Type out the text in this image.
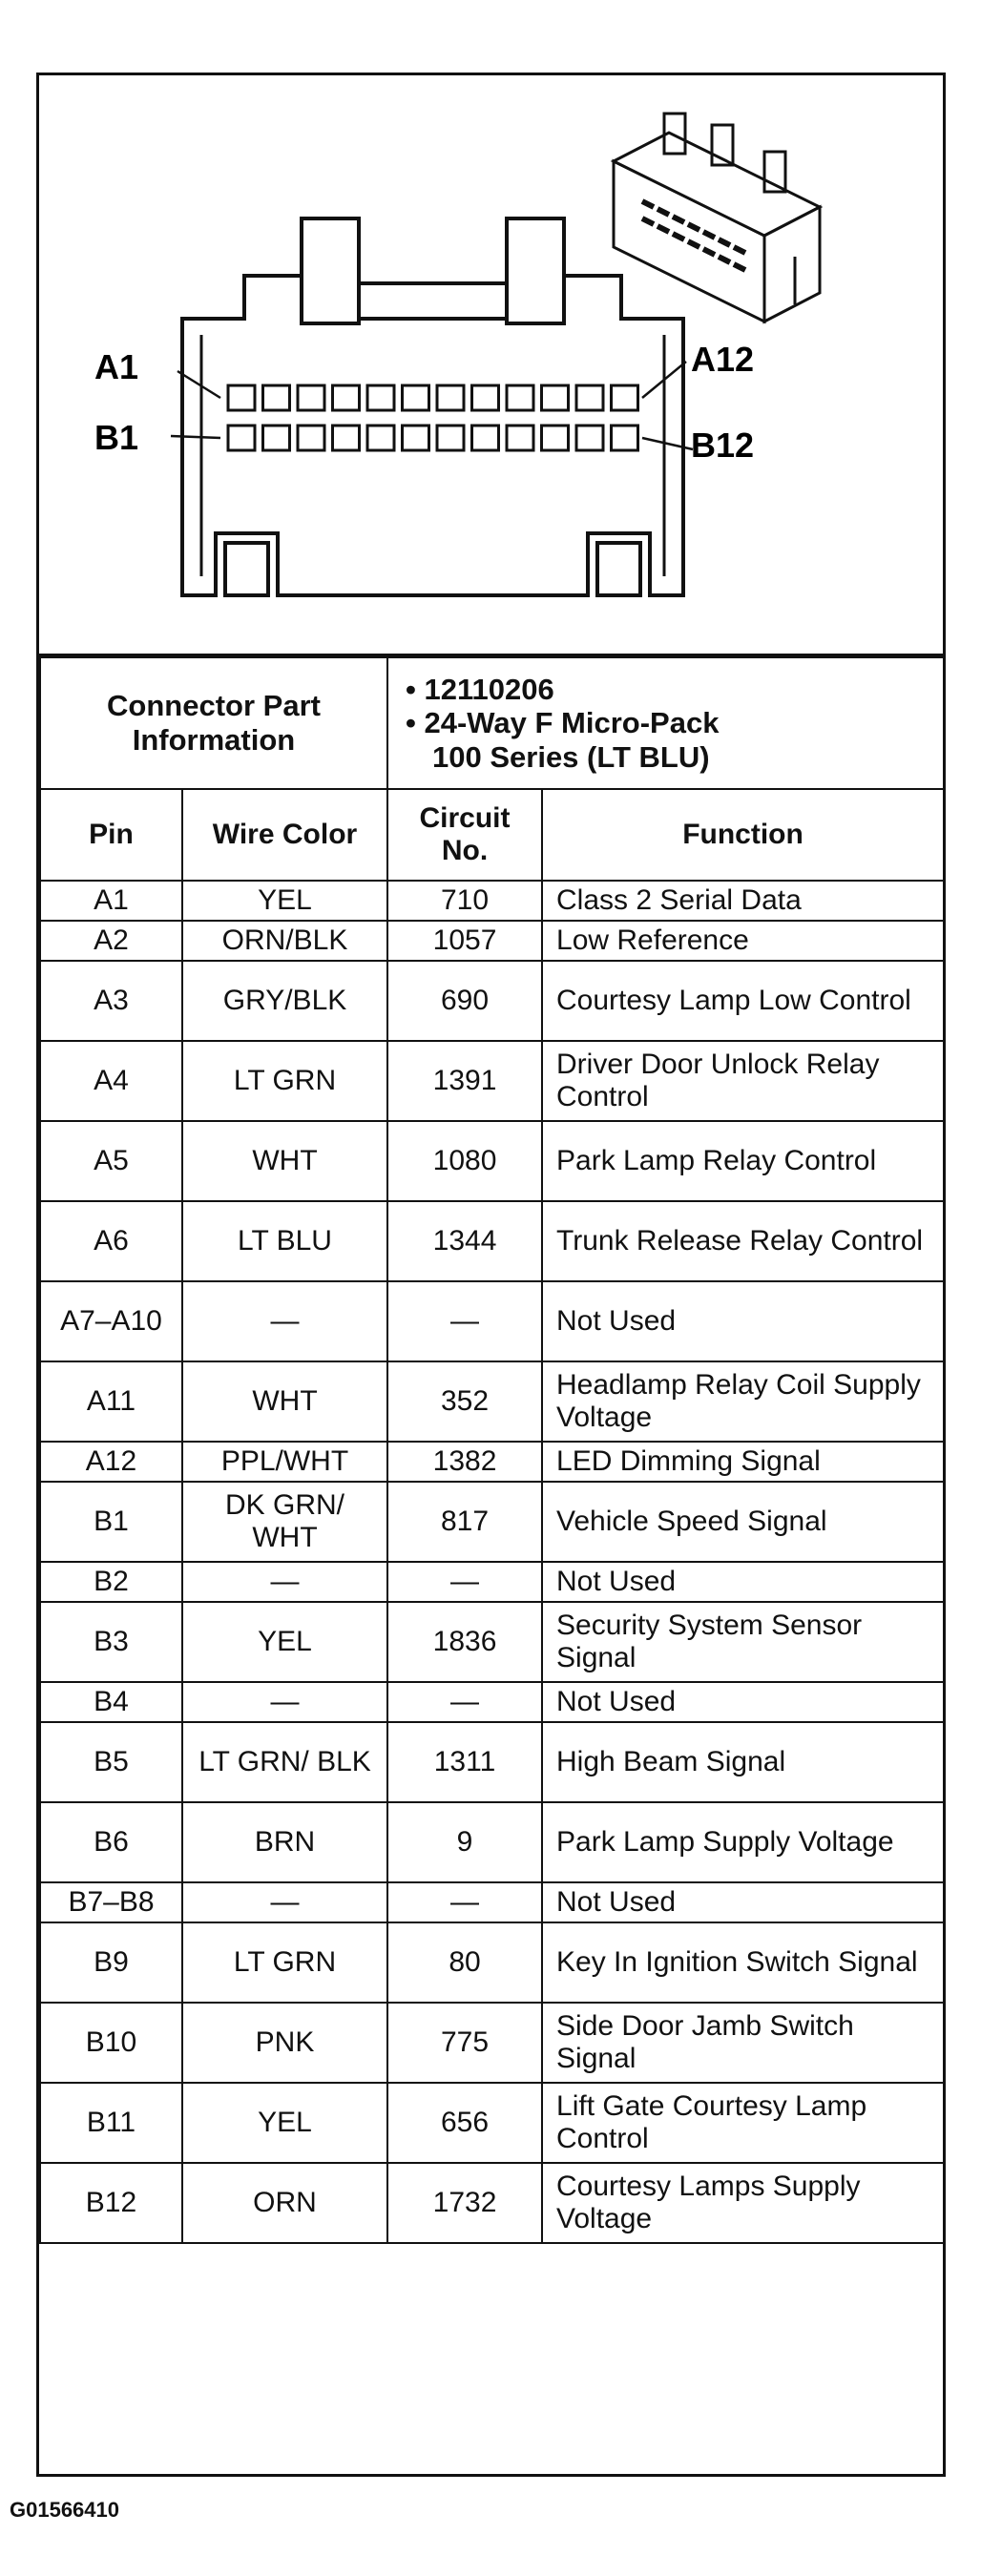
A1
B1
A12
B12
Connector Part Information		• 12110206
• 24-Way F Micro-Pack
100 Series (LT BLU)	

Pin	Wire Color	Circuit No.	Function
A1	YEL	710	Class 2 Serial Data
A2	ORN/BLK	1057	Low Reference
A3	GRY/BLK	690	Courtesy Lamp Low Control
A4	LT GRN	1391	Driver Door Unlock Relay Control
A5	WHT	1080	Park Lamp Relay Control
A6	LT BLU	1344	Trunk Release Relay Control
A7–A10	—	—	Not Used
A11	WHT	352	Headlamp Relay Coil Supply Voltage
A12	PPL/WHT	1382	LED Dimming Signal
B1	DK GRN/ WHT	817	Vehicle Speed Signal
B2	—	—	Not Used
B3	YEL	1836	Security System Sensor Signal
B4	—	—	Not Used
B5	LT GRN/ BLK	1311	High Beam Signal
B6	BRN	9	Park Lamp Supply Voltage
B7–B8	—	—	Not Used
B9	LT GRN	80	Key In Ignition Switch Signal
B10	PNK	775	Side Door Jamb Switch Signal
B11	YEL	656	Lift Gate Courtesy Lamp Control
B12	ORN	1732	Courtesy Lamps Supply Voltage
G01566410
